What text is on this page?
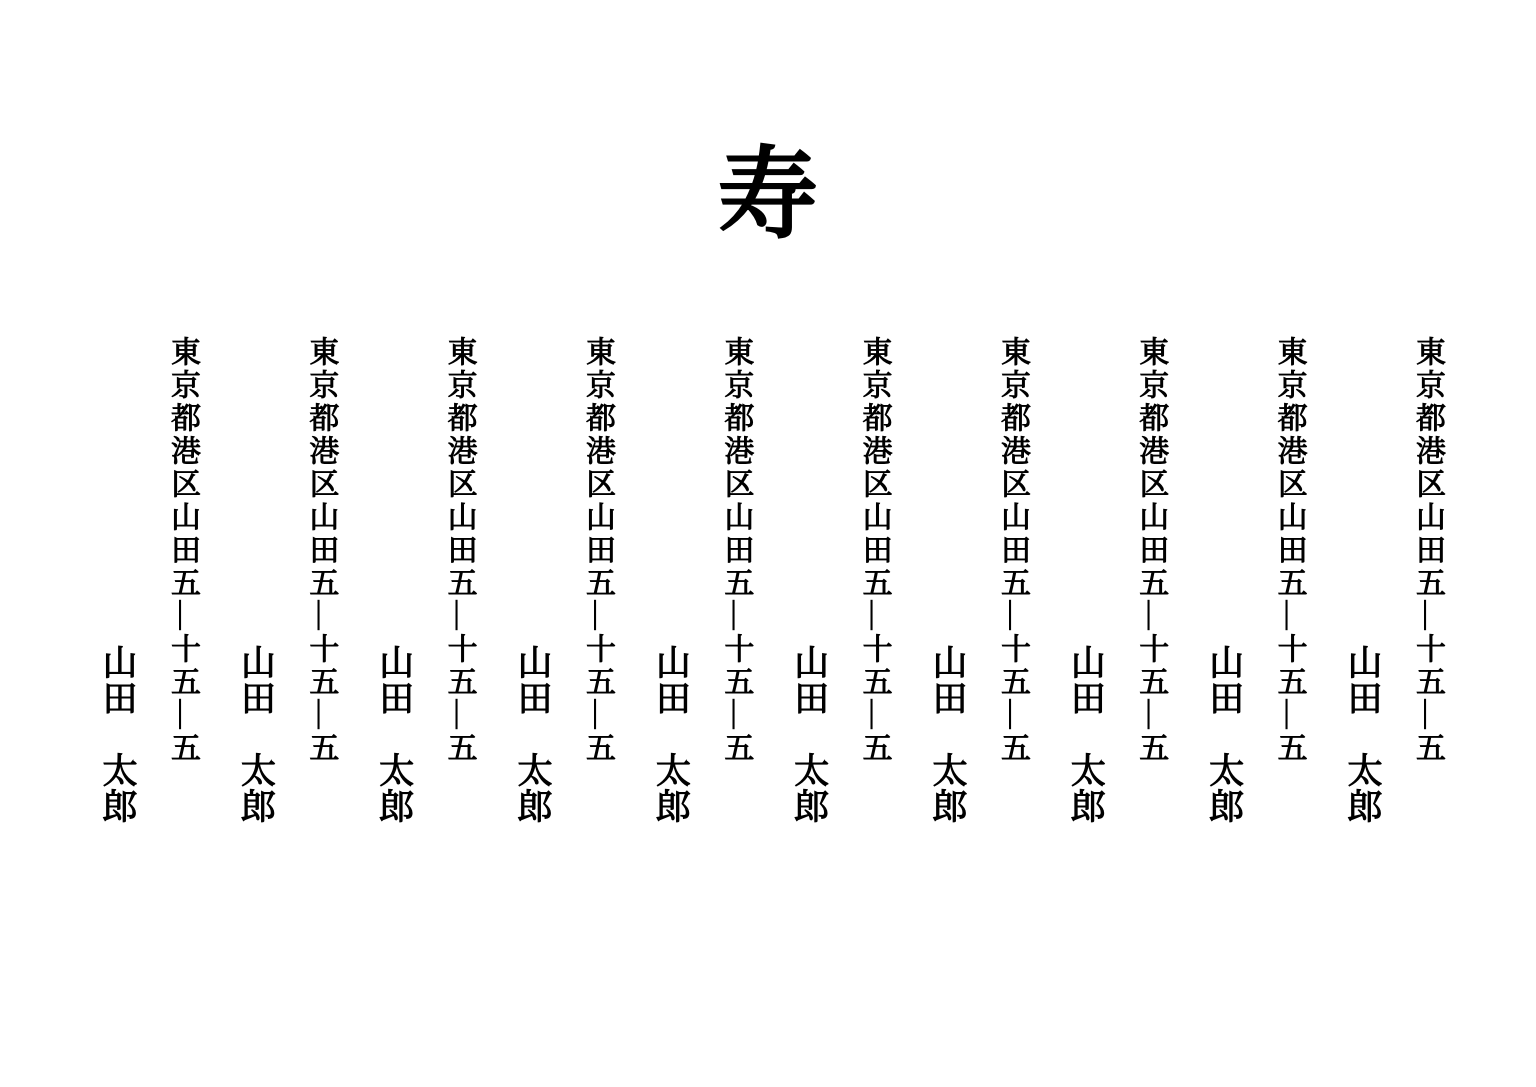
寿
山田　太郎 東京都港区山田五―十五―五
山田　太郎 東京都港区山田五―十五―五
山田　太郎 東京都港区山田五―十五―五
山田　太郎 東京都港区山田五―十五―五
山田　太郎 東京都港区山田五―十五―五
山田　太郎 東京都港区山田五―十五―五
山田　太郎 東京都港区山田五―十五―五
山田　太郎 東京都港区山田五―十五―五
山田　太郎 東京都港区山田五―十五―五
山田　太郎 東京都港区山田五―十五―五
